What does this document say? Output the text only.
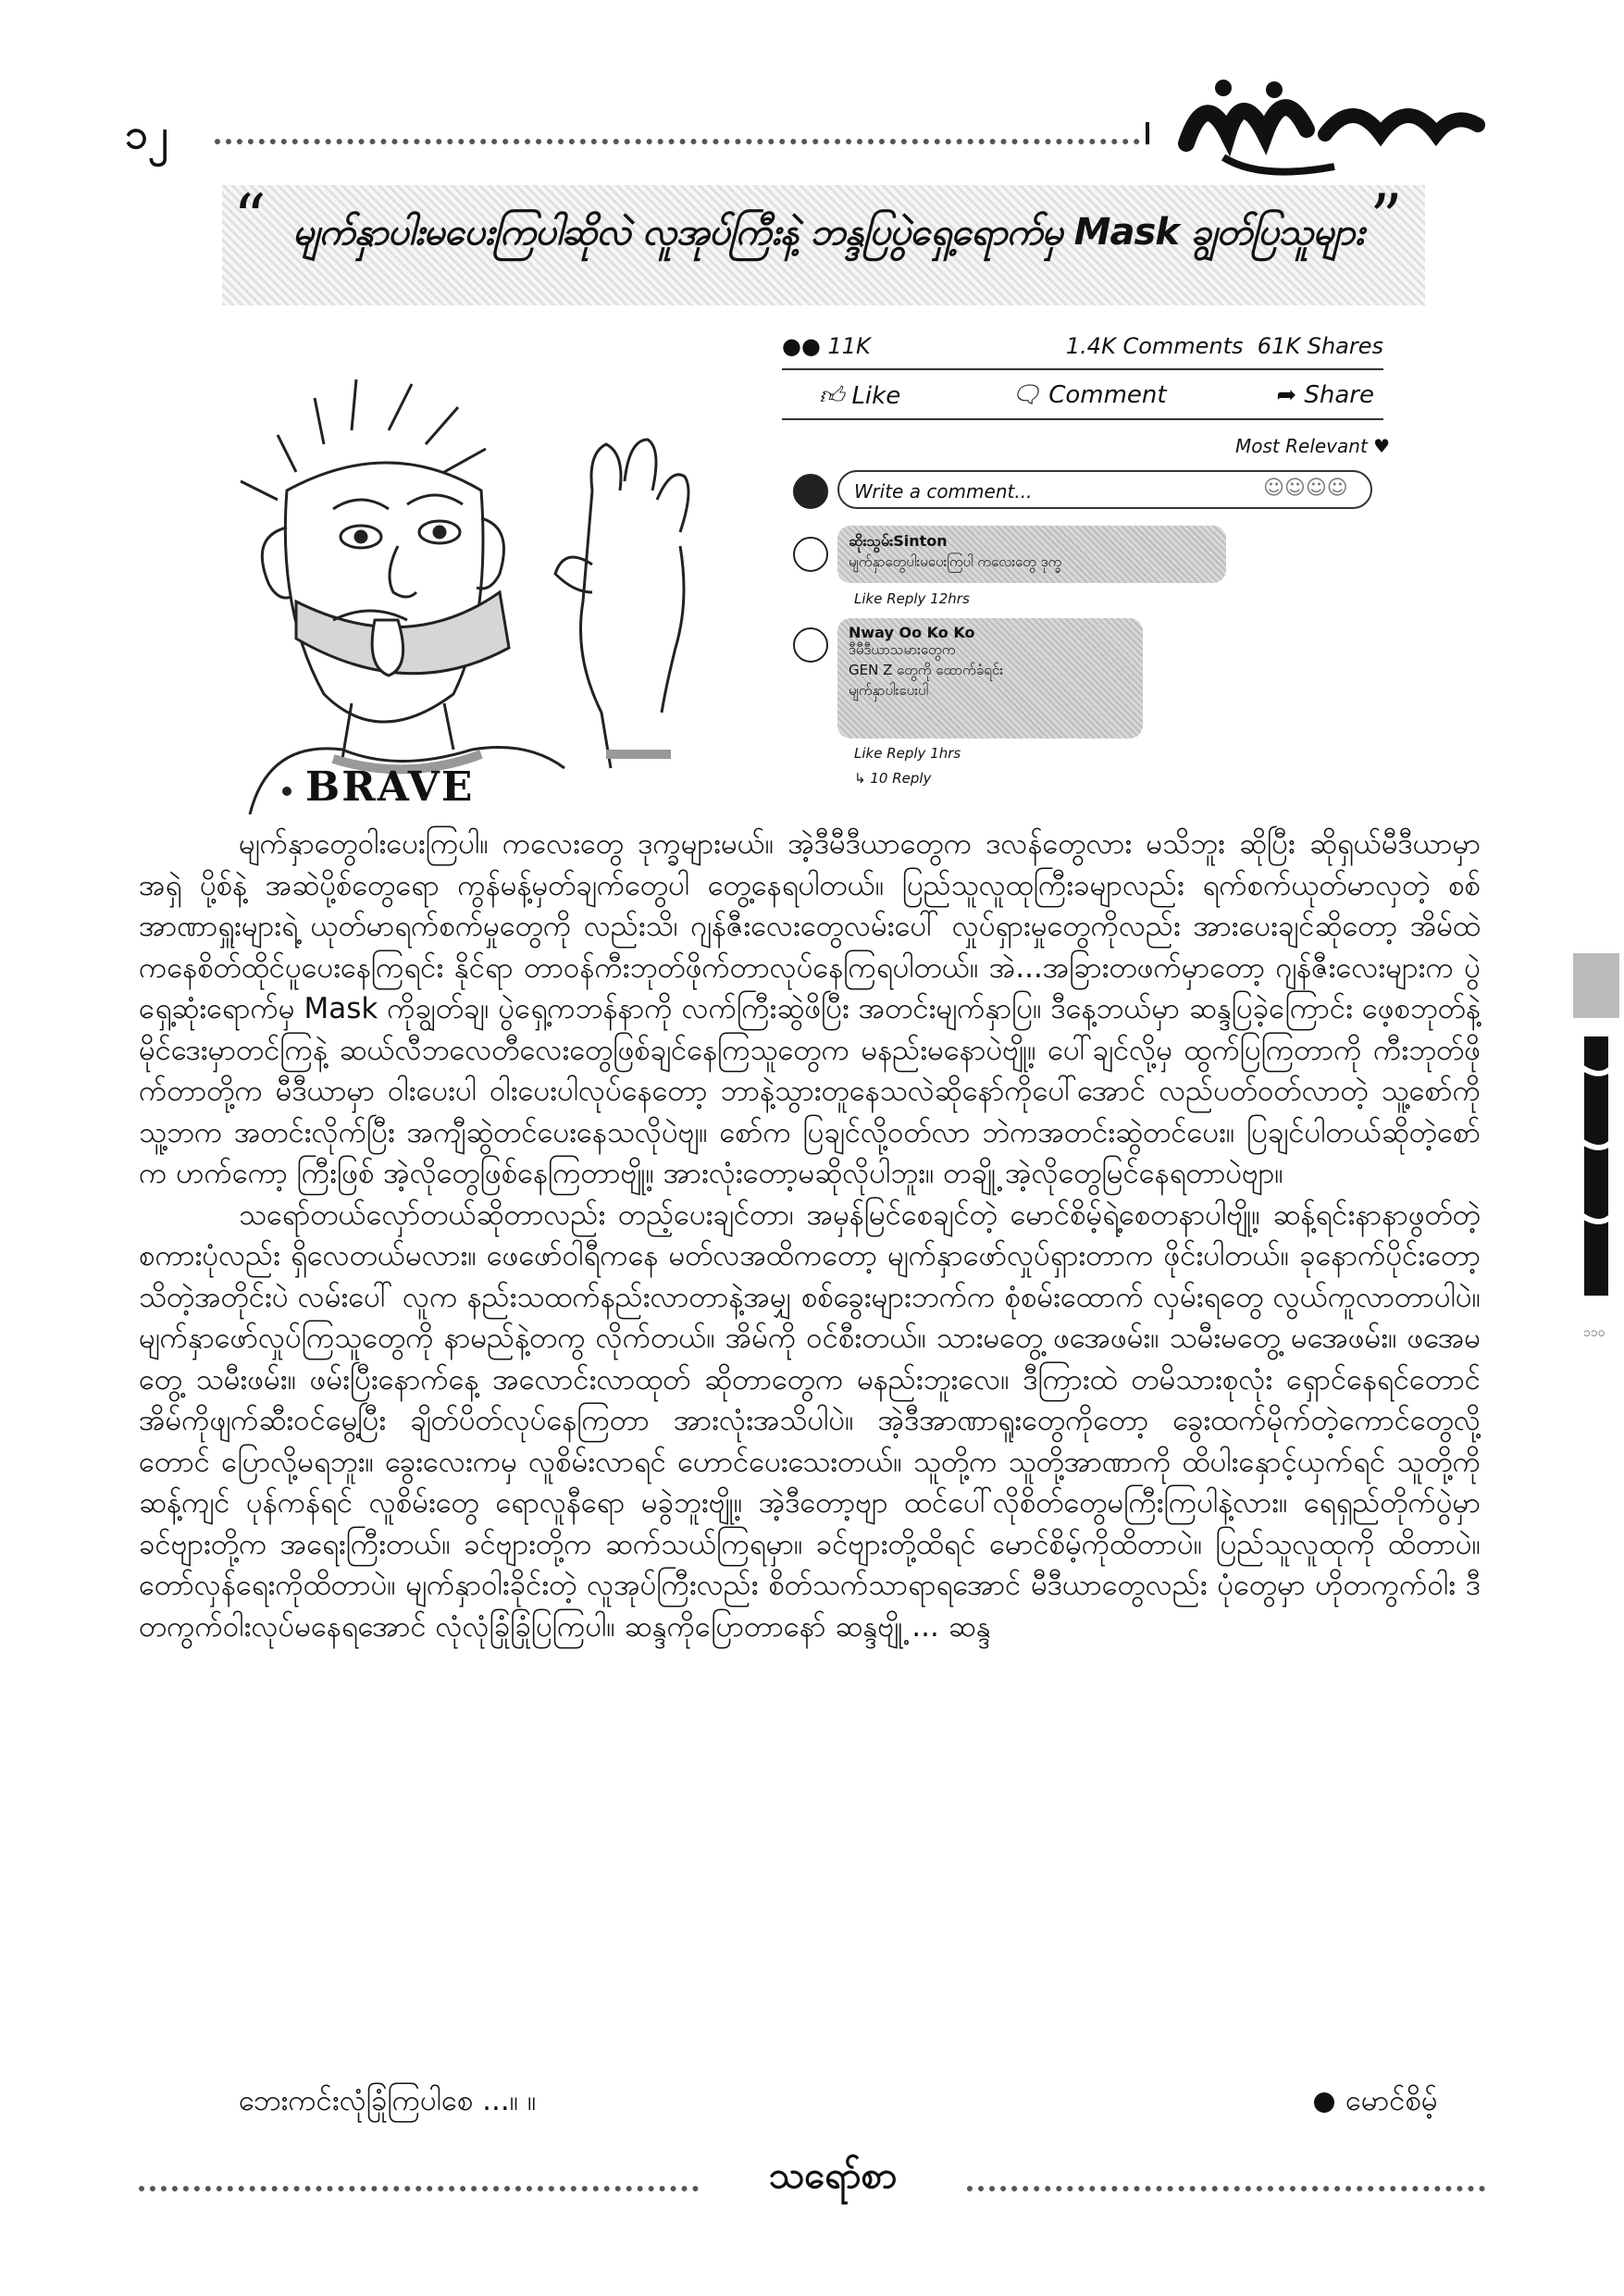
၁၂
“ မျက်နှာပါးမပေးကြပါဆိုလဲ လူအုပ်ကြီးနဲ့ ဘန္ဒပြပွဲရှေ့ရောက်မှ Mask ချွတ်ပြသူများ ”
BRAVE
●● 11K	1.4K Comments 61K Shares
👍︎ Like	🗨︎ Comment	➦ Share
Most Relevant ♥
Write a comment...	☺☺☺☺
ဆိုးသွမ်းSinton
မျက်နှာတွေပါးမပေးကြပါ ကလေးတွေ ဒုက္ခ
Like Reply 12hrs
Nway Oo Ko Ko
ဒီမီဒီယာသမားတွေက
GEN Z တွေကို ထောက်ခံရင်း
မျက်နှာပါးပေးပါ
Like Reply 1hrs
↳ 10 Reply

မျက်နှာတွေဝါးပေးကြပါ။ ကလေးတွေ ဒုက္ခများမယ်။ အဲ့ဒီမီဒီယာတွေက ဒလန်တွေလား မသိဘူး ဆိုပြီး ဆိုရှယ်မီဒီယာမှာ အရှဲ ပို့စ်နဲ့ အဆဲပို့စ်တွေရော ကွန်မန့်မှတ်ချက်တွေပါ တွေ့နေရပါတယ်။ ပြည်သူလူထုကြီးခမျာလည်း ရက်စက်ယုတ်မာလှတဲ့ စစ်အာဏာရှူးများရဲ့ ယုတ်မာရက်စက်မှုတွေကို လည်းသိ၊ ဂျန်ဇီးလေးတွေလမ်းပေါ် လှုပ်ရှားမှုတွေကိုလည်း အားပေးချင်ဆိုတော့ အိမ်ထဲကနေစိတ်ထိုင်ပူပေးနေကြရင်း နိုင်ရာ တာဝန်ကီးဘုတ်ဖိုက်တာလုပ်နေကြရပါတယ်။ အဲ...အခြားတဖက်မှာတော့ ဂျန်ဇီးလေးများက ပွဲရှေ့ဆုံးရောက်မှ Mask ကိုချွတ်ချ၊ ပွဲရှေ့ကဘန်နာကို လက်ကြီးဆွဲဖိပြီး အတင်းမျက်နှာပြ။ ဒီနေ့ဘယ်မှာ ဆန္ဒပြခဲ့ကြောင်း ဖေ့စဘုတ်နဲ့ မိုင်ဒေးမှာတင်ကြနဲ့ ဆယ်လီဘလေတီလေးတွေဖြစ်ချင်နေကြသူတွေက မနည်းမနောပဲဗျို့။ ပေါ်ချင်လို့မှ ထွက်ပြကြတာကို ကီးဘုတ်ဖိုက်တာတို့က မီဒီယာမှာ ဝါးပေးပါ ဝါးပေးပါလုပ်နေတော့ ဘာနဲ့သွားတူနေသလဲဆိုနော်ကိုပေါ်အောင် လည်ပတ်ဝတ်လာတဲ့ သူ့စော်ကို သူ့ဘက အတင်းလိုက်ပြီး အကျီဆွဲတင်ပေးနေသလိုပဲဗျ။ စော်က ပြချင်လို့ဝတ်လာ ဘဲကအတင်းဆွဲတင်ပေး။ ပြချင်ပါတယ်ဆိုတဲ့စော်က ဟက်ကော့ ကြီးဖြစ် အဲ့လိုတွေဖြစ်နေကြတာဗျို့။ အားလုံးတော့မဆိုလိုပါဘူး။ တချို့ အဲ့လိုတွေမြင်နေရတာပဲဗျာ။

သရော်တယ်လှော်တယ်ဆိုတာလည်း တည့်ပေးချင်တာ၊ အမှန်မြင်စေချင်တဲ့ မောင်စိမ့်ရဲ့စေတနာပါဗျို့။ ဆန့်ရင်းနာနာဖွတ်တဲ့ စကားပုံလည်း ရှိလေတယ်မလား။ ဖေဖော်ဝါရီကနေ မတ်လအထိကတော့ မျက်နှာဖော်လှုပ်ရှားတာက ဖိုင်းပါတယ်။ ခုနောက်ပိုင်းတော့ သိတဲ့အတိုင်းပဲ လမ်းပေါ် လူက နည်းသထက်နည်းလာတာနဲ့အမျှ စစ်ခွေးများဘက်က စုံစမ်းထောက် လှမ်းရတွေ လွယ်ကူလာတာပါပဲ။ မျက်နှာဖော်လှုပ်ကြသူတွေကို နာမည်နဲ့တကွ လိုက်တယ်။ အိမ်ကို ဝင်စီးတယ်။ သားမတွေ့ ဖအေဖမ်း။ သမီးမတွေ့ မအေဖမ်း။ ဖအေမတွေ့ သမီးဖမ်း။ ဖမ်းပြီးနောက်နေ့ အလောင်းလာထုတ် ဆိုတာတွေက မနည်းဘူးလေ။ ဒီကြားထဲ တမိသားစုလုံး ရှောင်နေရင်တောင် အိမ်ကိုဖျက်ဆီးဝင်မွေ့ပြီး ချိတ်ပိတ်လုပ်နေကြတာ အားလုံးအသိပါပဲ။ အဲ့ဒီအာဏာရူးတွေကိုတော့ ခွေးထက်မိုက်တဲ့ကောင်တွေလို့တောင် ပြောလို့မရဘူး။ ခွေးလေးကမှ လူစိမ်းလာရင် ဟောင်ပေးသေးတယ်။ သူတို့က သူတို့အာဏာကို ထိပါးနှောင့်ယှက်ရင် သူတို့ကိုဆန့်ကျင် ပုန်ကန်ရင် လူစိမ်းတွေ ရောလူနီရော မခွဲဘူးဗျို့။ အဲ့ဒီတော့ဗျာ ထင်ပေါ်လိုစိတ်တွေမကြီးကြပါနဲ့လား။ ရေရှည်တိုက်ပွဲမှာ ခင်ဗျားတို့က အရေးကြီးတယ်။ ခင်ဗျားတို့က ဆက်သယ်ကြရမှာ။ ခင်ဗျားတို့ထိရင် မောင်စိမ့်ကိုထိတာပဲ။ ပြည်သူလူထုကို ထိတာပဲ။ တော်လှန်ရေးကိုထိတာပဲ။ မျက်နှာဝါးခိုင်းတဲ့ လူအုပ်ကြီးလည်း စိတ်သက်သာရာရအောင် မီဒီယာတွေလည်း ပုံတွေမှာ ဟိုတကွက်ဝါး ဒီတကွက်ဝါးလုပ်မနေရအောင် လုံလုံခြုံခြုံပြကြပါ။ ဆန္ဒကိုပြောတာနော် ဆန္ဒဗျို့ ... ဆန္ဒ

ဘေးကင်းလုံခြုံကြပါစေ ...။ ။	မောင်စိမ့်
သရော်စာ
၁၁၀
